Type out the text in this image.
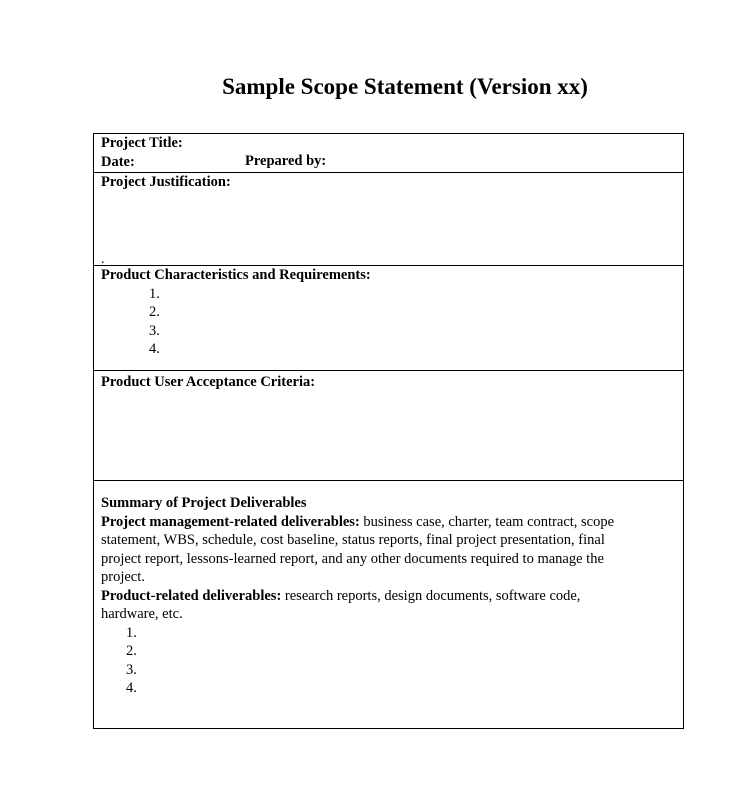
Sample Scope Statement (Version xx)
Project Title:
Date:	Prepared by:
Project Justification:
.
Product Characteristics and Requirements:
1.
2.
3.
4.
Product User Acceptance Criteria:
Summary of Project Deliverables
Project management-related deliverables: business case, charter, team contract, scope
statement, WBS, schedule, cost baseline, status reports, final project presentation, final
project report, lessons-learned report, and any other documents required to manage the
project.
Product-related deliverables: research reports, design documents, software code,
hardware, etc.
1.
2.
3.
4.
